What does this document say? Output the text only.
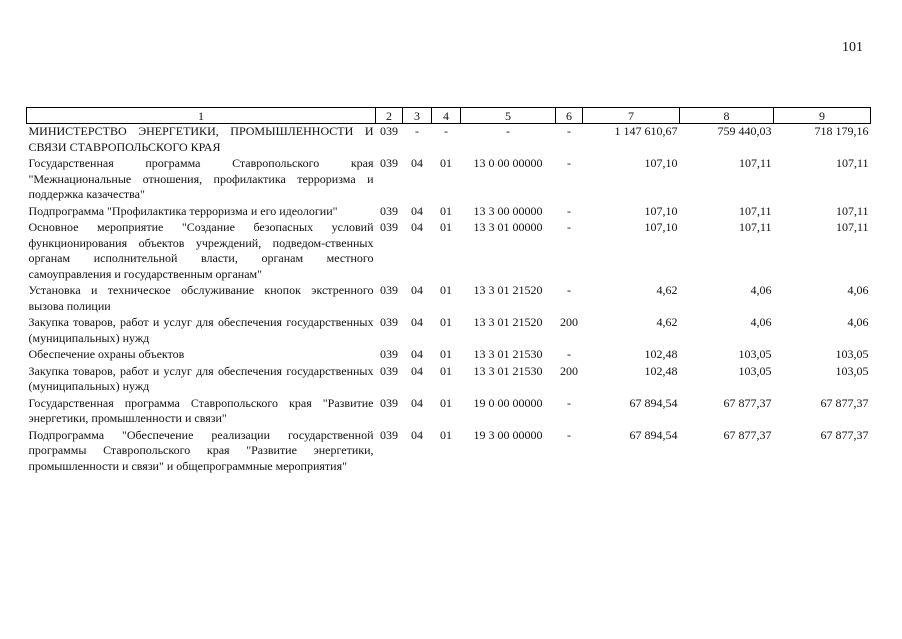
101
1	2	3	4	5	6	7	8	9
МИНИСТЕРСТВО ЭНЕРГЕТИКИ, ПРОМЫШЛЕННОСТИ И СВЯЗИ СТАВРОПОЛЬСКОГО КРАЯ	039	-	-	-	-	1 147 610,67	759 440,03	718 179,16
Государственная программа Ставропольского края "Межнациональные отношения, профилактика терроризма и поддержка казачества"	039	04	01	13 0 00 00000	-	107,10	107,11	107,11
Подпрограмма "Профилактика терроризма и его идеологии"	039	04	01	13 3 00 00000	-	107,10	107,11	107,11
Основное мероприятие "Создание безопасных условий функционирования объектов учреждений, подведом-ственных органам исполнительной власти, органам местного самоуправления и государственным органам"	039	04	01	13 3 01 00000	-	107,10	107,11	107,11
Установка и техническое обслуживание кнопок экстренного вызова полиции	039	04	01	13 3 01 21520	-	4,62	4,06	4,06
Закупка товаров, работ и услуг для обеспечения государственных (муниципальных) нужд	039	04	01	13 3 01 21520	200	4,62	4,06	4,06
Обеспечение охраны объектов	039	04	01	13 3 01 21530	-	102,48	103,05	103,05
Закупка товаров, работ и услуг для обеспечения государственных (муниципальных) нужд	039	04	01	13 3 01 21530	200	102,48	103,05	103,05
Государственная программа Ставропольского края "Развитие энергетики, промышленности и связи"	039	04	01	19 0 00 00000	-	67 894,54	67 877,37	67 877,37
Подпрограмма "Обеспечение реализации государственной программы Ставропольского края "Развитие энергетики, промышленности и связи" и общепрограммные мероприятия"	039	04	01	19 3 00 00000	-	67 894,54	67 877,37	67 877,37
